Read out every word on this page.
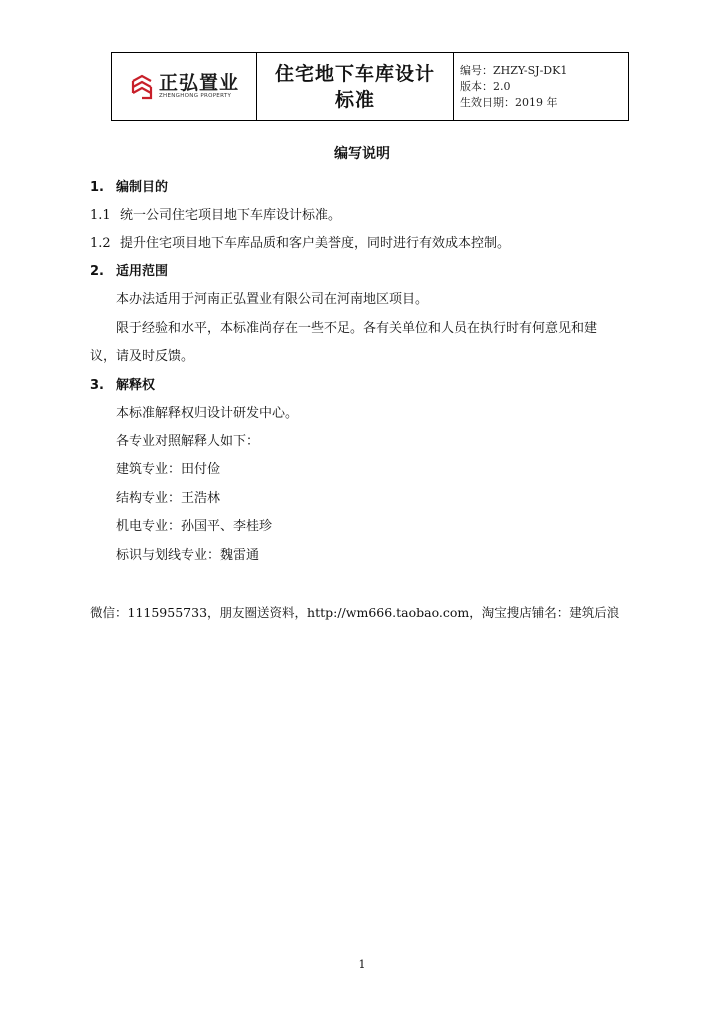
正弘置业
ZHENGHONG PROPERTY
住宅地下车库设计
标准
编号：ZHZY-SJ-DK1
版本：2.0
生效日期：2019 年
编写说明
1. 编制目的
1.1 统一公司住宅项目地下车库设计标准。
1.2 提升住宅项目地下车库品质和客户美誉度，同时进行有效成本控制。
2. 适用范围
本办法适用于河南正弘置业有限公司在河南地区项目。
限于经验和水平，本标准尚存在一些不足。各有关单位和人员在执行时有何意见和建
议，请及时反馈。
3. 解释权
本标准解释权归设计研发中心。
各专业对照解释人如下：
建筑专业：田付俭
结构专业：王浩林
机电专业：孙国平、李桂珍
标识与划线专业：魏雷通
微信：1115955733，朋友圈送资料，http://wm666.taobao.com，淘宝搜店铺名：建筑后浪
1
